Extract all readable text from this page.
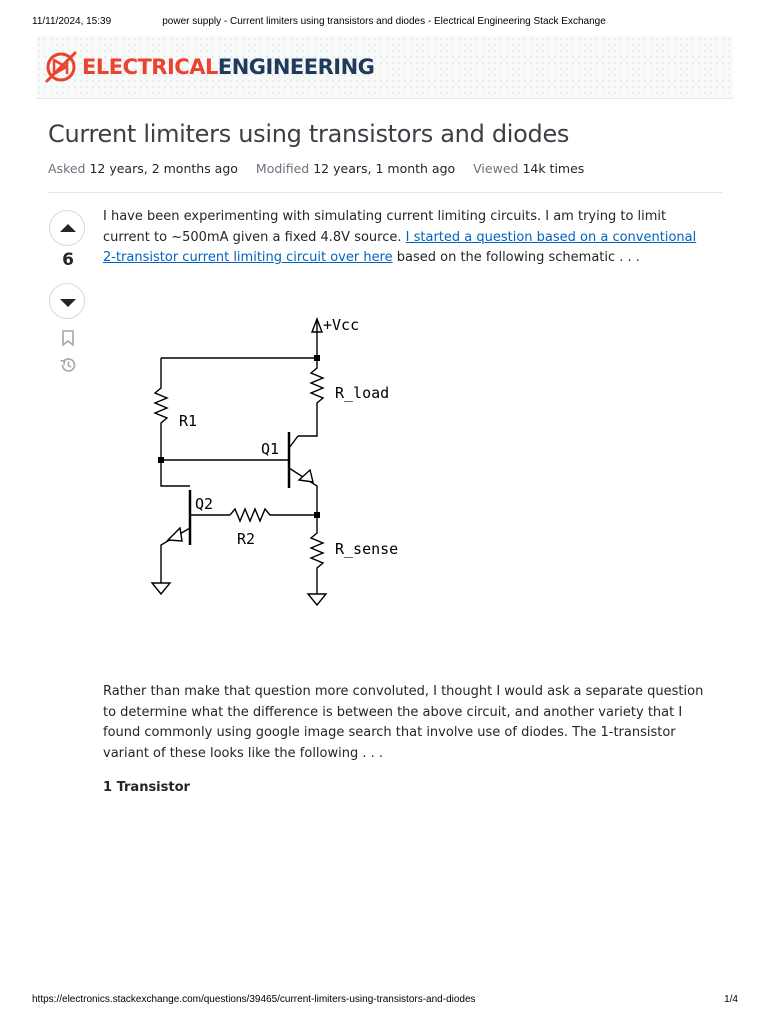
11/11/2024, 15:39	power supply - Current limiters using transistors and diodes - Electrical Engineering Stack Exchange
ELECTRICALENGINEERING
Current limiters using transistors and diodes
Asked 12 years, 2 months ago Modified 12 years, 1 month ago Viewed 14k times
6

I have been experimenting with simulating current limiting circuits. I am trying to limit current to ~500mA given a fixed 4.8V source. I started a question based on a conventional 2-transistor current limiting circuit over here based on the following schematic . . .

+Vcc
R_load
R1
Q1
Q2
R2
R_sense

Rather than make that question more convoluted, I thought I would ask a separate question to determine what the difference is between the above circuit, and another variety that I found commonly using google image search that involve use of diodes. The 1-transistor variant of these looks like the following . . .

1 Transistor
https://electronics.stackexchange.com/questions/39465/current-limiters-using-transistors-and-diodes	1/4
